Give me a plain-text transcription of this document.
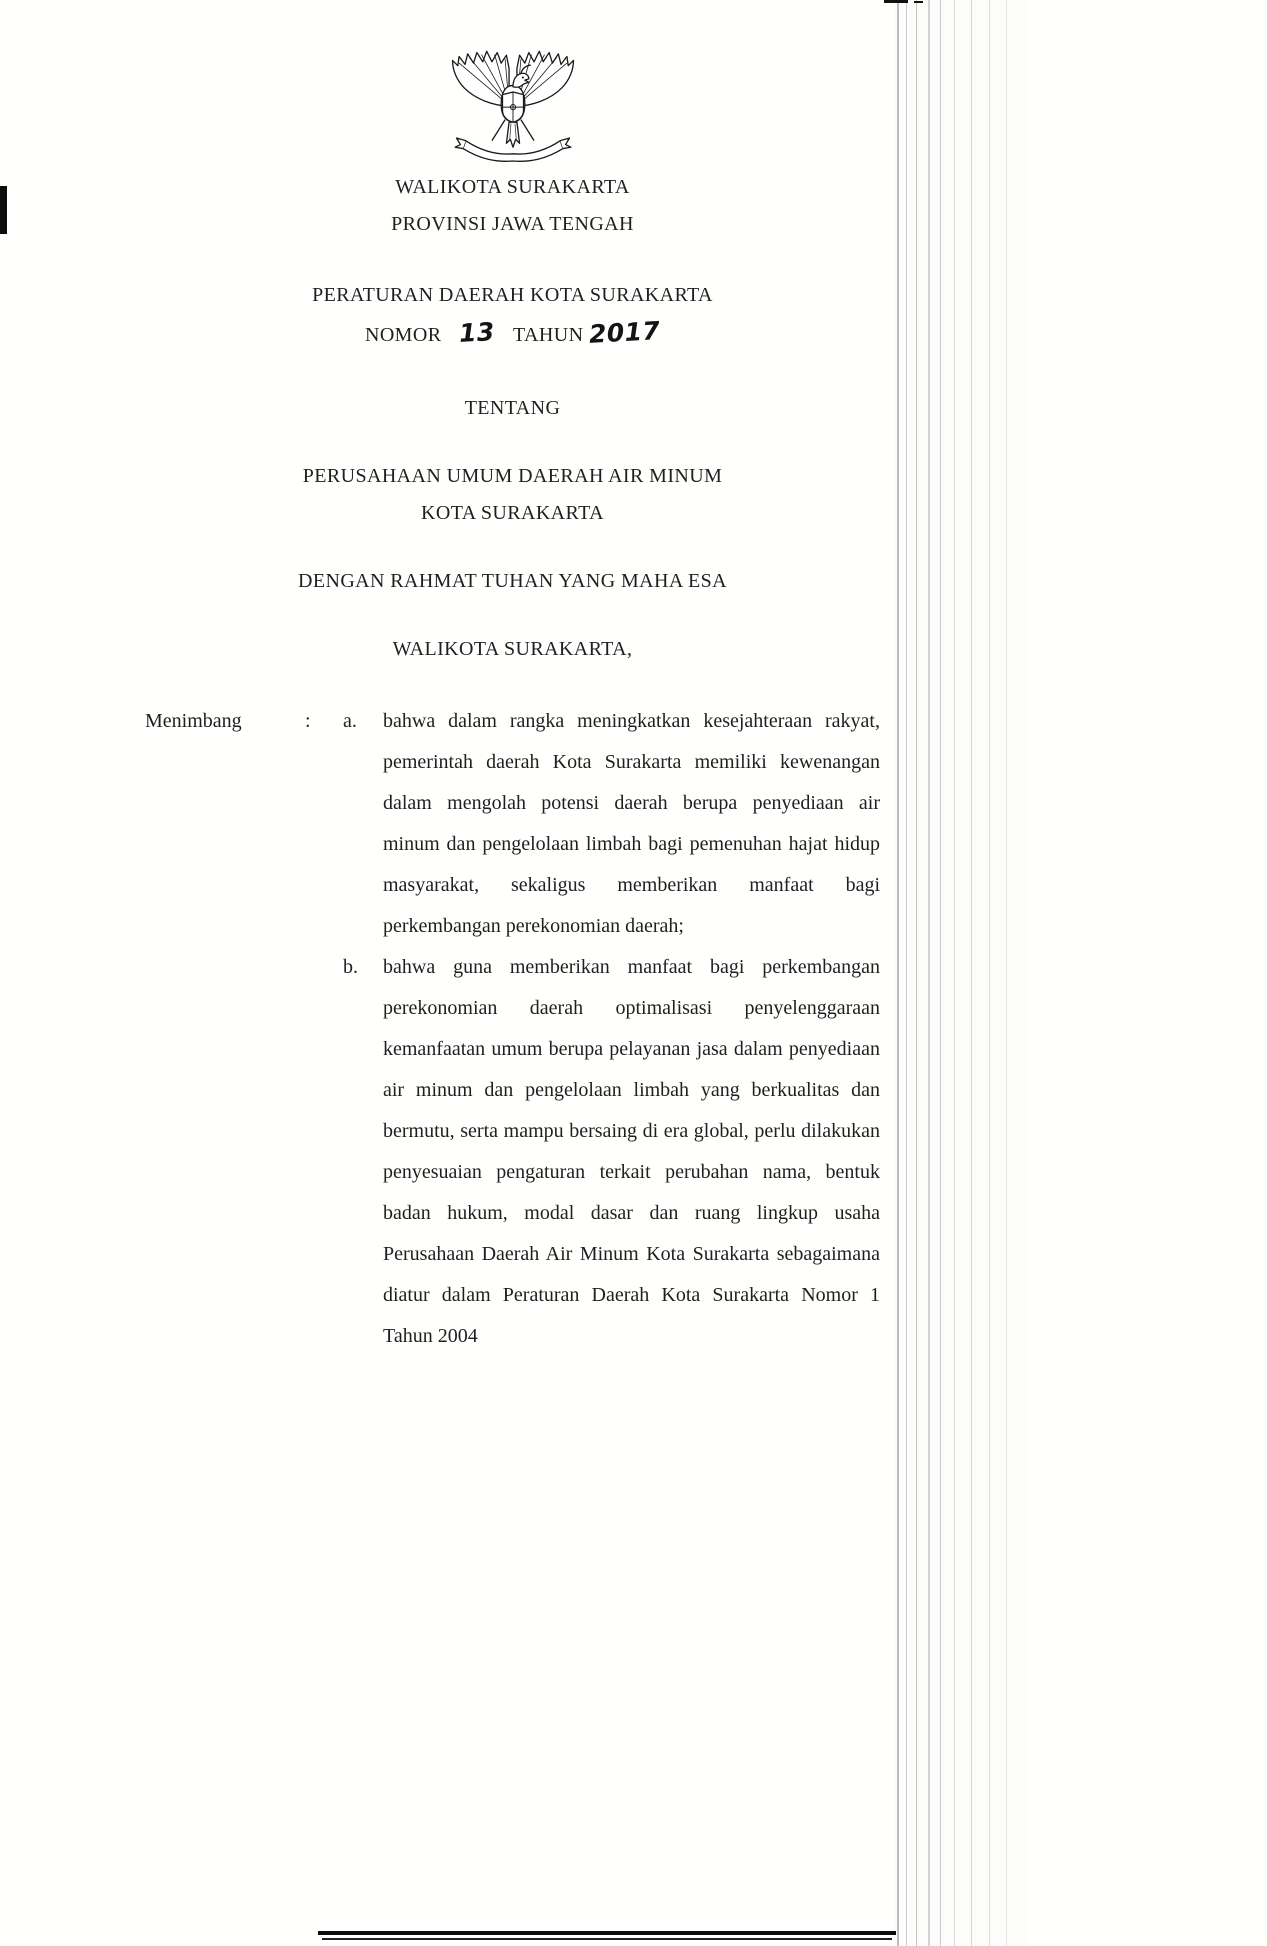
WALIKOTA SURAKARTA
PROVINSI JAWA TENGAH
PERATURAN DAERAH KOTA SURAKARTA
NOMOR 13 TAHUN 2017
TENTANG
PERUSAHAAN UMUM DAERAH AIR MINUM
KOTA SURAKARTA
DENGAN RAHMAT TUHAN YANG MAHA ESA
WALIKOTA SURAKARTA,
Menimbang	:	a.	bahwa dalam rangka meningkatkan kesejahteraan rakyat, pemerintah daerah Kota Surakarta memiliki kewenangan dalam mengolah potensi daerah berupa penyediaan air minum dan pengelolaan limbah bagi pemenuhan hajat hidup masyarakat, sekaligus memberikan manfaat bagi perkembangan perekonomian daerah;
b.	bahwa guna memberikan manfaat bagi perkembangan perekonomian daerah optimalisasi penyelenggaraan kemanfaatan umum berupa pelayanan jasa dalam penyediaan air minum dan pengelolaan limbah yang berkualitas dan bermutu, serta mampu bersaing di era global, perlu dilakukan penyesuaian pengaturan terkait perubahan nama, bentuk badan hukum, modal dasar dan ruang lingkup usaha Perusahaan Daerah Air Minum Kota Surakarta sebagaimana diatur dalam Peraturan Daerah Kota Surakarta Nomor 1 Tahun 2004
